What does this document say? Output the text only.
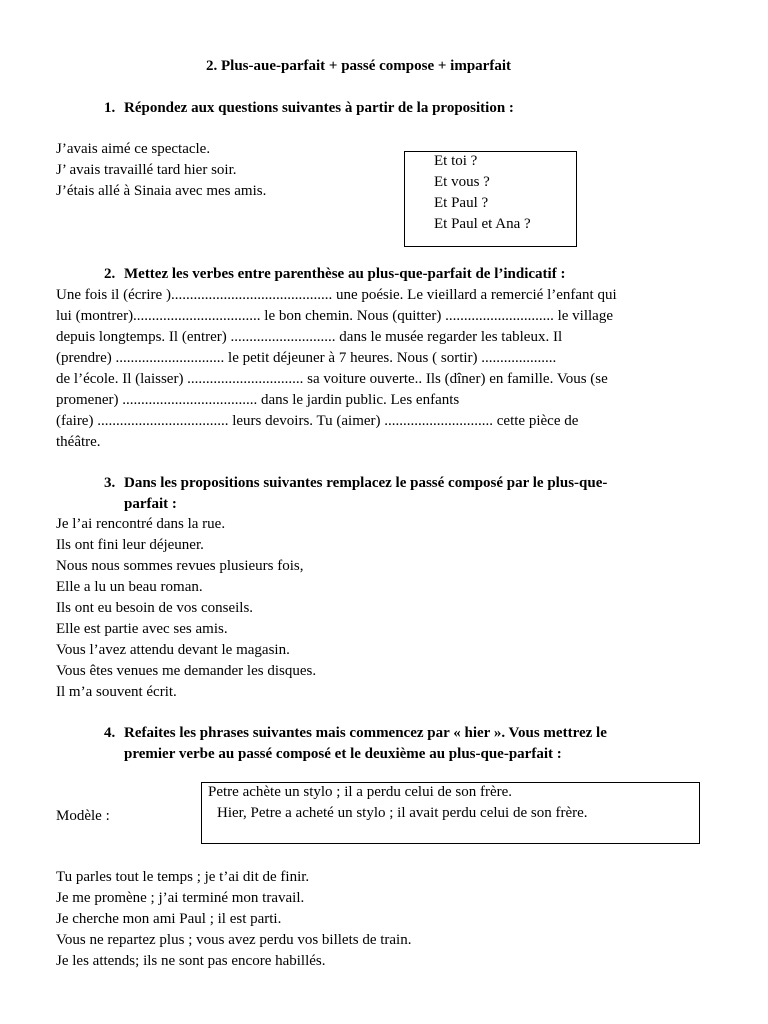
2. Plus-aue-parfait + passé compose + imparfait
1. Répondez aux questions suivantes à partir de la proposition :
J’avais aimé ce spectacle.
J’ avais travaillé tard hier soir.
J’étais allé à Sinaia avec mes amis.
Et toi ?
Et vous ?
Et Paul ?
Et Paul et Ana ?
2. Mettez les verbes entre parenthèse au plus-que-parfait de l’indicatif :
Une fois il (écrire )........................................... une poésie. Le vieillard a remercié l’enfant qui
lui (montrer).................................. le bon chemin. Nous (quitter) ............................. le village
depuis longtemps. Il (entrer) ............................ dans le musée regarder les tableux. Il
(prendre) ............................. le petit déjeuner à 7 heures. Nous ( sortir) ....................
de l’école. Il (laisser) ............................... sa voiture ouverte.. Ils (dîner) en famille. Vous (se
promener) .................................... dans le jardin public. Les enfants
(faire) ................................... leurs devoirs. Tu (aimer) ............................. cette pièce de
théâtre.
3. Dans les propositions suivantes remplacez le passé composé par le plus-que-
parfait :
Je l’ai rencontré dans la rue.
Ils ont fini leur déjeuner.
Nous nous sommes revues plusieurs fois,
Elle a lu un beau roman.
Ils ont eu besoin de vos conseils.
Elle est partie avec ses amis.
Vous l’avez attendu devant le magasin.
Vous êtes venues me demander les disques.
Il m’a souvent écrit.
4. Refaites les phrases suivantes mais commencez par « hier ». Vous mettrez le
premier verbe au passé composé et le deuxième au plus-que-parfait :
Modèle :
Petre achète un stylo ; il a perdu celui de son frère.
Hier, Petre a acheté un stylo ; il avait perdu celui de son frère.
Tu parles tout le temps ; je t’ai dit de finir.
Je me promène ; j’ai terminé mon travail.
Je cherche mon ami Paul ; il est parti.
Vous ne repartez plus ; vous avez perdu vos billets de train.
Je les attends; ils ne sont pas encore habillés.
